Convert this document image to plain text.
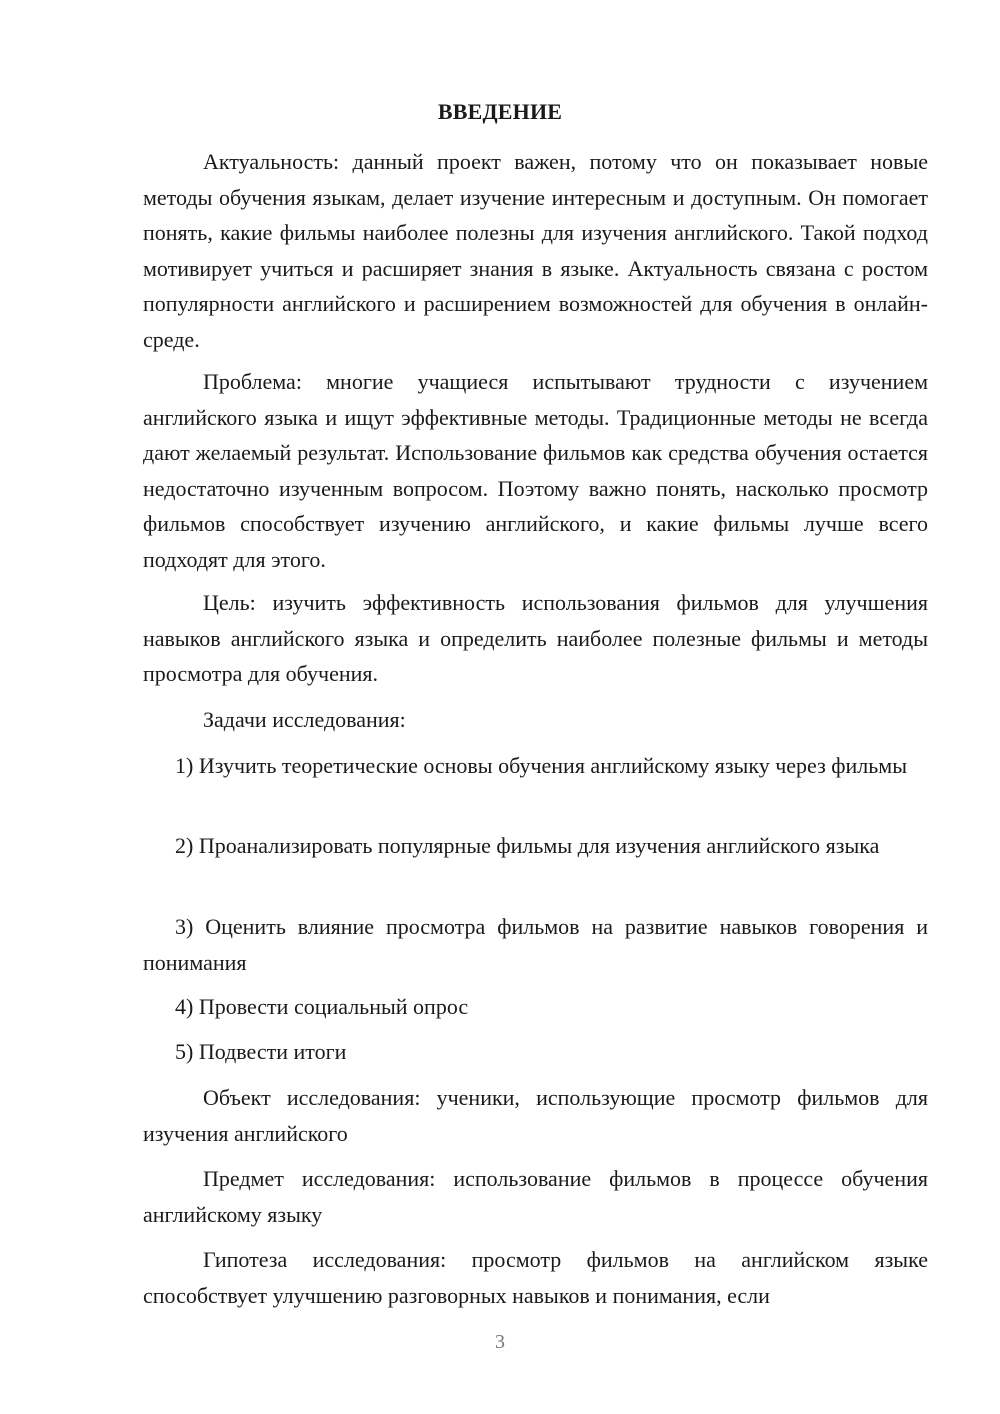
ВВЕДЕНИЕ
Актуальность: данный проект важен, потому что он показывает новые методы обучения языкам, делает изучение интересным и доступным. Он помогает понять, какие фильмы наиболее полезны для изучения английского. Такой подход мотивирует учиться и расширяет знания в языке. Актуальность связана с ростом популярности английского и расширением возможностей для обучения в онлайн-среде.
Проблема: многие учащиеся испытывают трудности с изучением английского языка и ищут эффективные методы. Традиционные методы не всегда дают желаемый результат. Использование фильмов как средства обучения остается недостаточно изученным вопросом. Поэтому важно понять, насколько просмотр фильмов способствует изучению английского, и какие фильмы лучше всего подходят для этого.
Цель: изучить эффективность использования фильмов для улучшения навыков английского языка и определить наиболее полезные фильмы и методы просмотра для обучения.
Задачи исследования:
1) Изучить теоретические основы обучения английскому языку через фильмы
2) Проанализировать популярные фильмы для изучения английского языка
3) Оценить влияние просмотра фильмов на развитие навыков говорения и понимания
4) Провести социальный опрос
5) Подвести итоги
Объект исследования: ученики, использующие просмотр фильмов для изучения английского
Предмет исследования: использование фильмов в процессе обучения английскому языку
Гипотеза исследования: просмотр фильмов на английском языке способствует улучшению разговорных навыков и понимания, если
3
